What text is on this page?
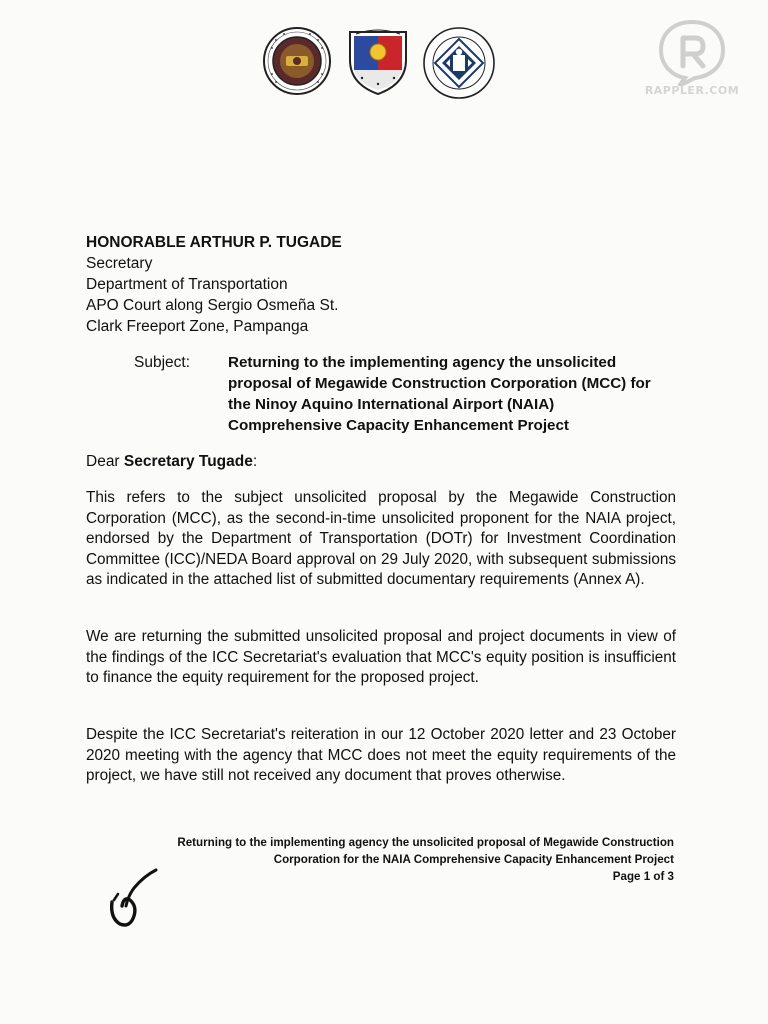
RAPPLER.COM
HONORABLE ARTHUR P. TUGADE
Secretary
Department of Transportation
APO Court along Sergio Osmeña St.
Clark Freeport Zone, Pampanga
Subject: Returning to the implementing agency the unsolicited proposal of Megawide Construction Corporation (MCC) for the Ninoy Aquino International Airport (NAIA) Comprehensive Capacity Enhancement Project
Dear Secretary Tugade:
This refers to the subject unsolicited proposal by the Megawide Construction Corporation (MCC), as the second-in-time unsolicited proponent for the NAIA project, endorsed by the Department of Transportation (DOTr) for Investment Coordination Committee (ICC)/NEDA Board approval on 29 July 2020, with subsequent submissions as indicated in the attached list of submitted documentary requirements (Annex A).
We are returning the submitted unsolicited proposal and project documents in view of the findings of the ICC Secretariat's evaluation that MCC's equity position is insufficient to finance the equity requirement for the proposed project.
Despite the ICC Secretariat's reiteration in our 12 October 2020 letter and 23 October 2020 meeting with the agency that MCC does not meet the equity requirements of the project, we have still not received any document that proves otherwise.
Returning to the implementing agency the unsolicited proposal of Megawide Construction
Corporation for the NAIA Comprehensive Capacity Enhancement Project
Page 1 of 3
